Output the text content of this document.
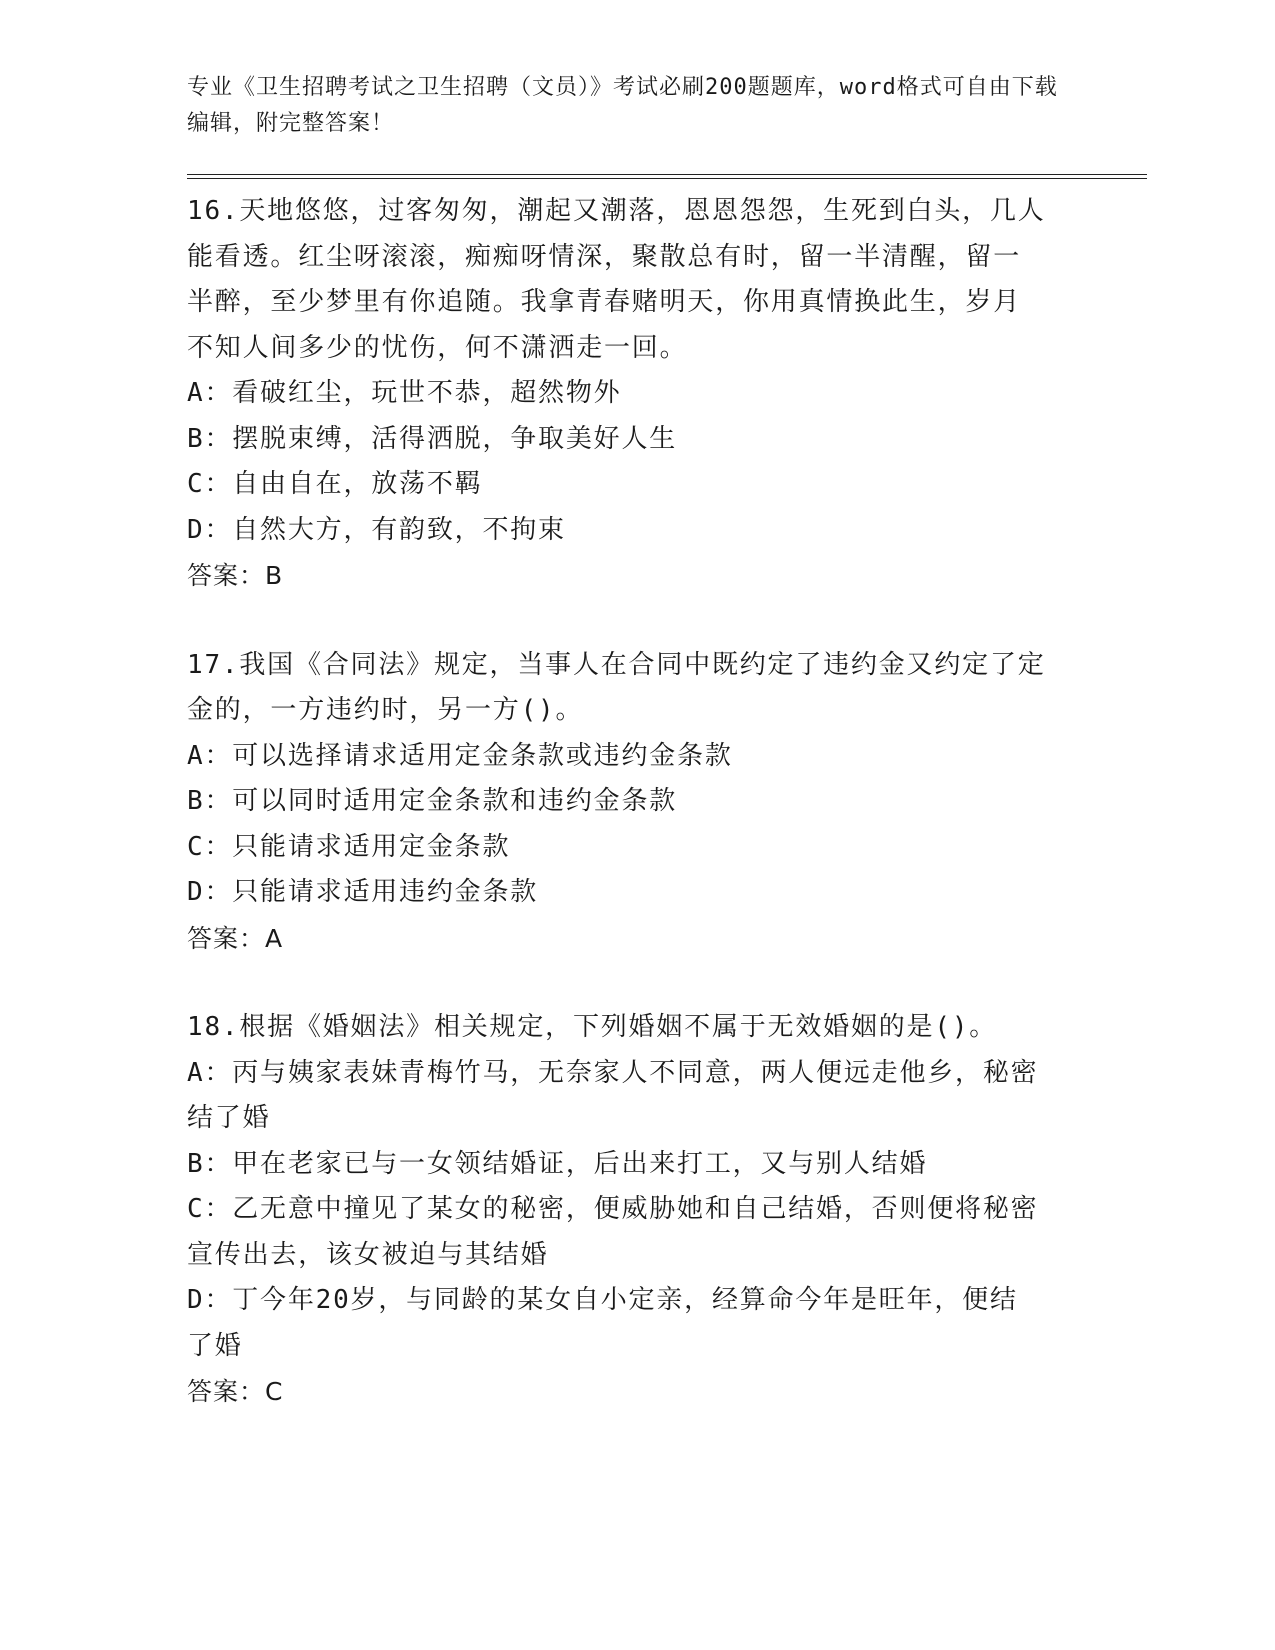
专业《卫生招聘考试之卫生招聘（文员）》考试必刷200题题库，word格式可自由下载编辑，附完整答案！
16.天地悠悠，过客匆匆，潮起又潮落，恩恩怨怨，生死到白头，几人
能看透。红尘呀滚滚，痴痴呀情深，聚散总有时，留一半清醒，留一
半醉，至少梦里有你追随。我拿青春赌明天，你用真情换此生，岁月
不知人间多少的忧伤，何不潇洒走一回。
A：看破红尘，玩世不恭，超然物外
B：摆脱束缚，活得洒脱，争取美好人生
C：自由自在，放荡不羁
D：自然大方，有韵致，不拘束
答案：B
17.我国《合同法》规定，当事人在合同中既约定了违约金又约定了定
金的，一方违约时，另一方()。
A：可以选择请求适用定金条款或违约金条款
B：可以同时适用定金条款和违约金条款
C：只能请求适用定金条款
D：只能请求适用违约金条款
答案：A
18.根据《婚姻法》相关规定，下列婚姻不属于无效婚姻的是()。
A：丙与姨家表妹青梅竹马，无奈家人不同意，两人便远走他乡，秘密
结了婚
B：甲在老家已与一女领结婚证，后出来打工，又与别人结婚
C：乙无意中撞见了某女的秘密，便威胁她和自己结婚，否则便将秘密
宣传出去，该女被迫与其结婚
D：丁今年20岁，与同龄的某女自小定亲，经算命今年是旺年，便结
了婚
答案：C
